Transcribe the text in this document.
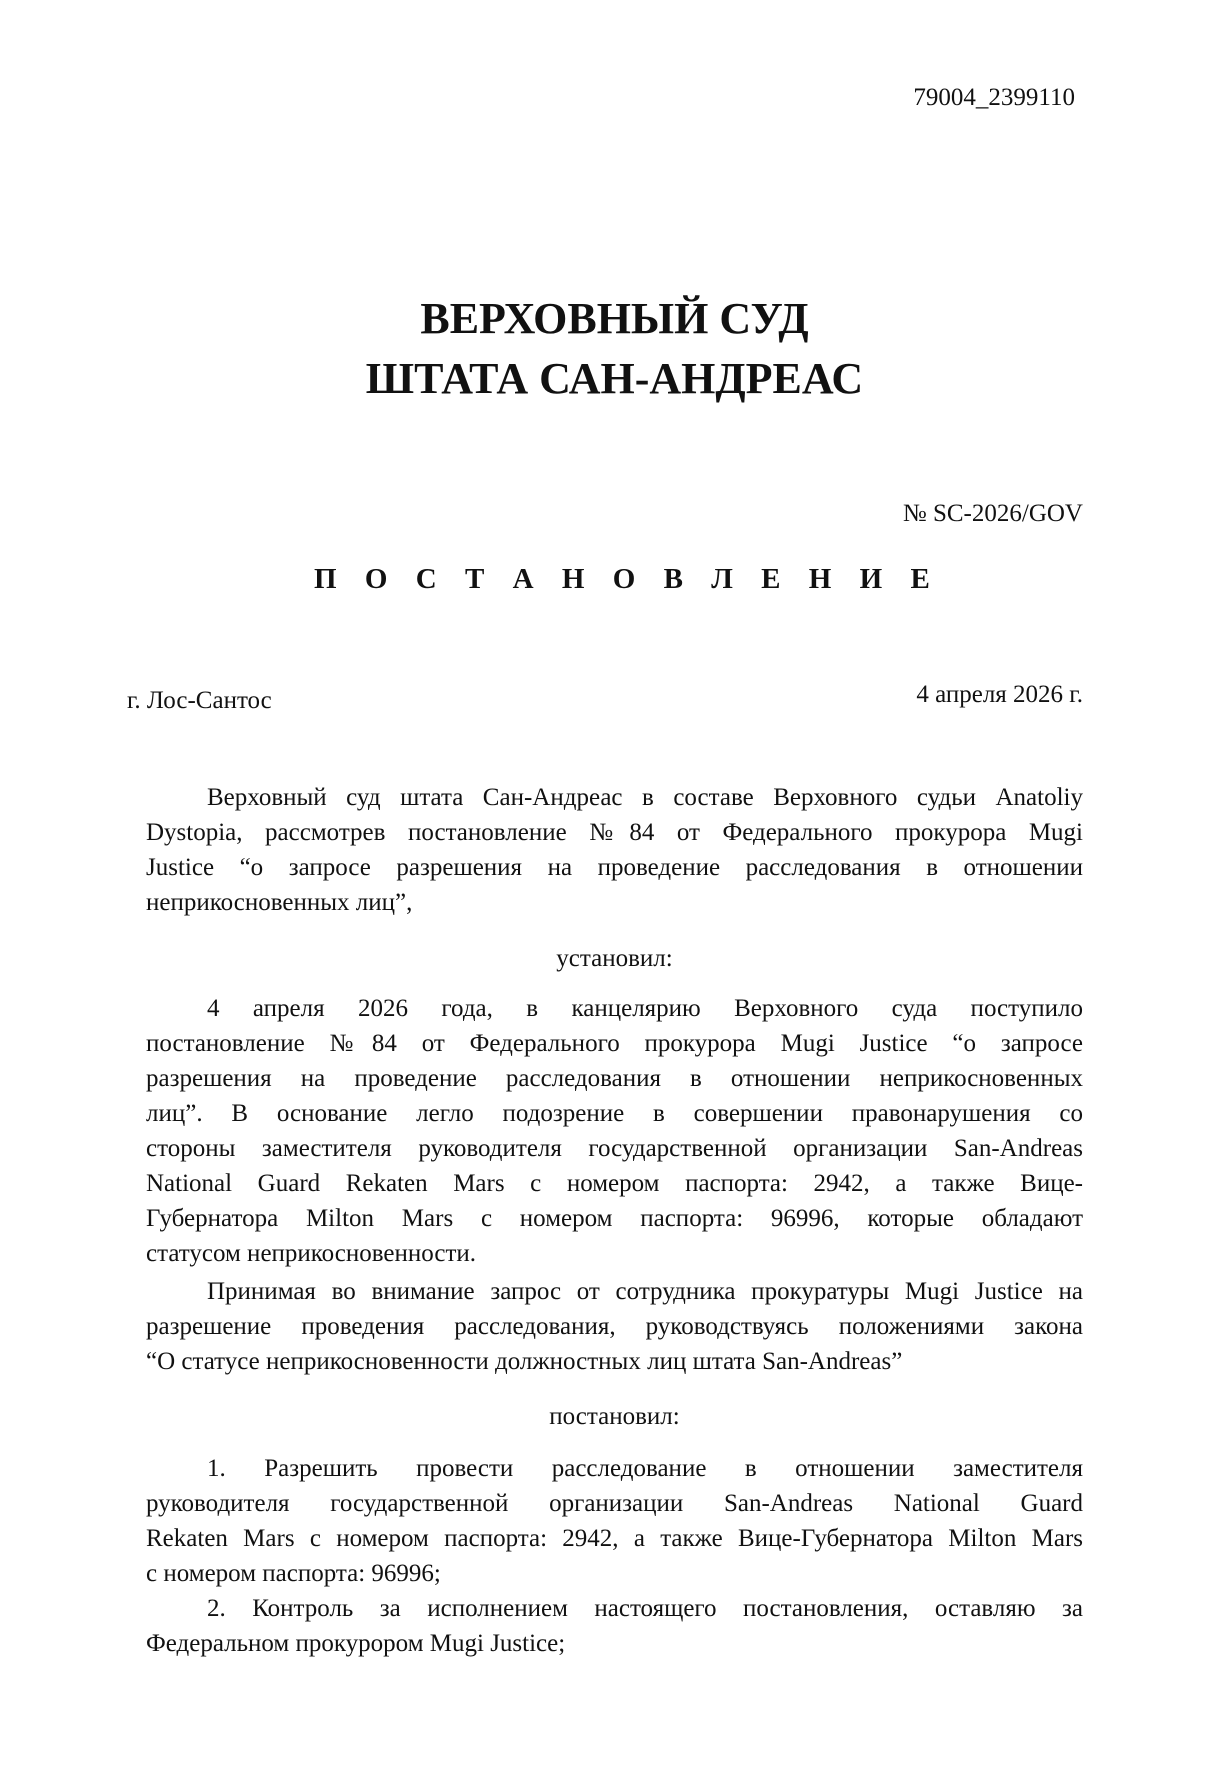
79004_2399110
ВЕРХОВНЫЙ СУД
ШТАТА САН-АНДРЕАС
№ SC-2026/GOV
П О С Т А Н О В Л Е Н И Е
г. Лос-Сантос	4 апреля 2026 г.
Верховный суд штата Сан-Андреас в составе Верховного судьи Anatoliy
Dystopia, рассмотрев постановление №84 от Федерального прокурора Mugi
Justice “о запросе разрешения на проведение расследования в отношении
неприкосновенных лиц”,
установил:
4 апреля 2026 года, в канцелярию Верховного суда поступило
постановление №84 от Федерального прокурора Mugi Justice “о запросе
разрешения на проведение расследования в отношении неприкосновенных
лиц”. В основание легло подозрение в совершении правонарушения со
стороны заместителя руководителя государственной организации San-Andreas
National Guard Rekaten Mars с номером паспорта: 2942, а также Вице-
Губернатора Milton Mars с номером паспорта: 96996, которые обладают
статусом неприкосновенности.
Принимая во внимание запрос от сотрудника прокуратуры Mugi Justice на
разрешение проведения расследования, руководствуясь положениями закона
“О статусе неприкосновенности должностных лиц штата San-Andreas”
постановил:
1. Разрешить провести расследование в отношении заместителя
руководителя государственной организации San-Andreas National Guard
Rekaten Mars с номером паспорта: 2942, а также Вице-Губернатора Milton Mars
с номером паспорта: 96996;
2. Контроль за исполнением настоящего постановления, оставляю за
Федеральном прокурором Mugi Justice;
